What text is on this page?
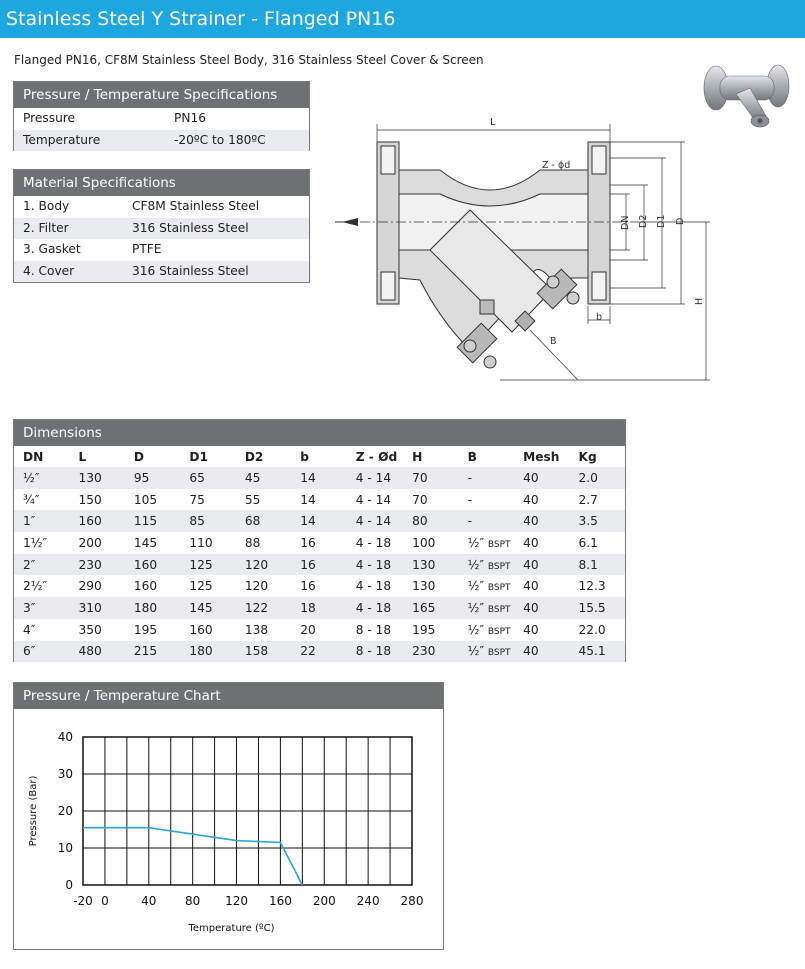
Stainless Steel Y Strainer - Flanged PN16
Flanged PN16, CF8M Stainless Steel Body, 316 Stainless Steel Cover & Screen
Pressure / Temperature Specifications
Pressure	PN16
Temperature	-20ºC to 180ºC
Material Specifications
1. Body	CF8M Stainless Steel
2. Filter	316 Stainless Steel
3. Gasket	PTFE
4. Cover	316 Stainless Steel
L
Z - ϕd
DN D2 D1 D
H
b
B
Dimensions
DN	L	D	D1	D2	b	Z - Ød	H	B	Mesh	Kg
½″	130	95	65	45	14	4 - 14	70	-	40	2.0
¾″	150	105	75	55	14	4 - 14	70	-	40	2.7
1″	160	115	85	68	14	4 - 14	80	-	40	3.5
1½″	200	145	110	88	16	4 - 18	100	½″ BSPT	40	6.1
2″	230	160	125	120	16	4 - 18	130	½″ BSPT	40	8.1
2½″	290	160	125	120	16	4 - 18	130	½″ BSPT	40	12.3
3″	310	180	145	122	18	4 - 18	165	½″ BSPT	40	15.5
4″	350	195	160	138	20	8 - 18	195	½″ BSPT	40	22.0
6″	480	215	180	158	22	8 - 18	230	½″ BSPT	40	45.1
Pressure / Temperature Chart
0
10
20
30
40
-20 0	40 80 120 160 200 240 280
Temperature (ºC)
Pressure (Bar)
